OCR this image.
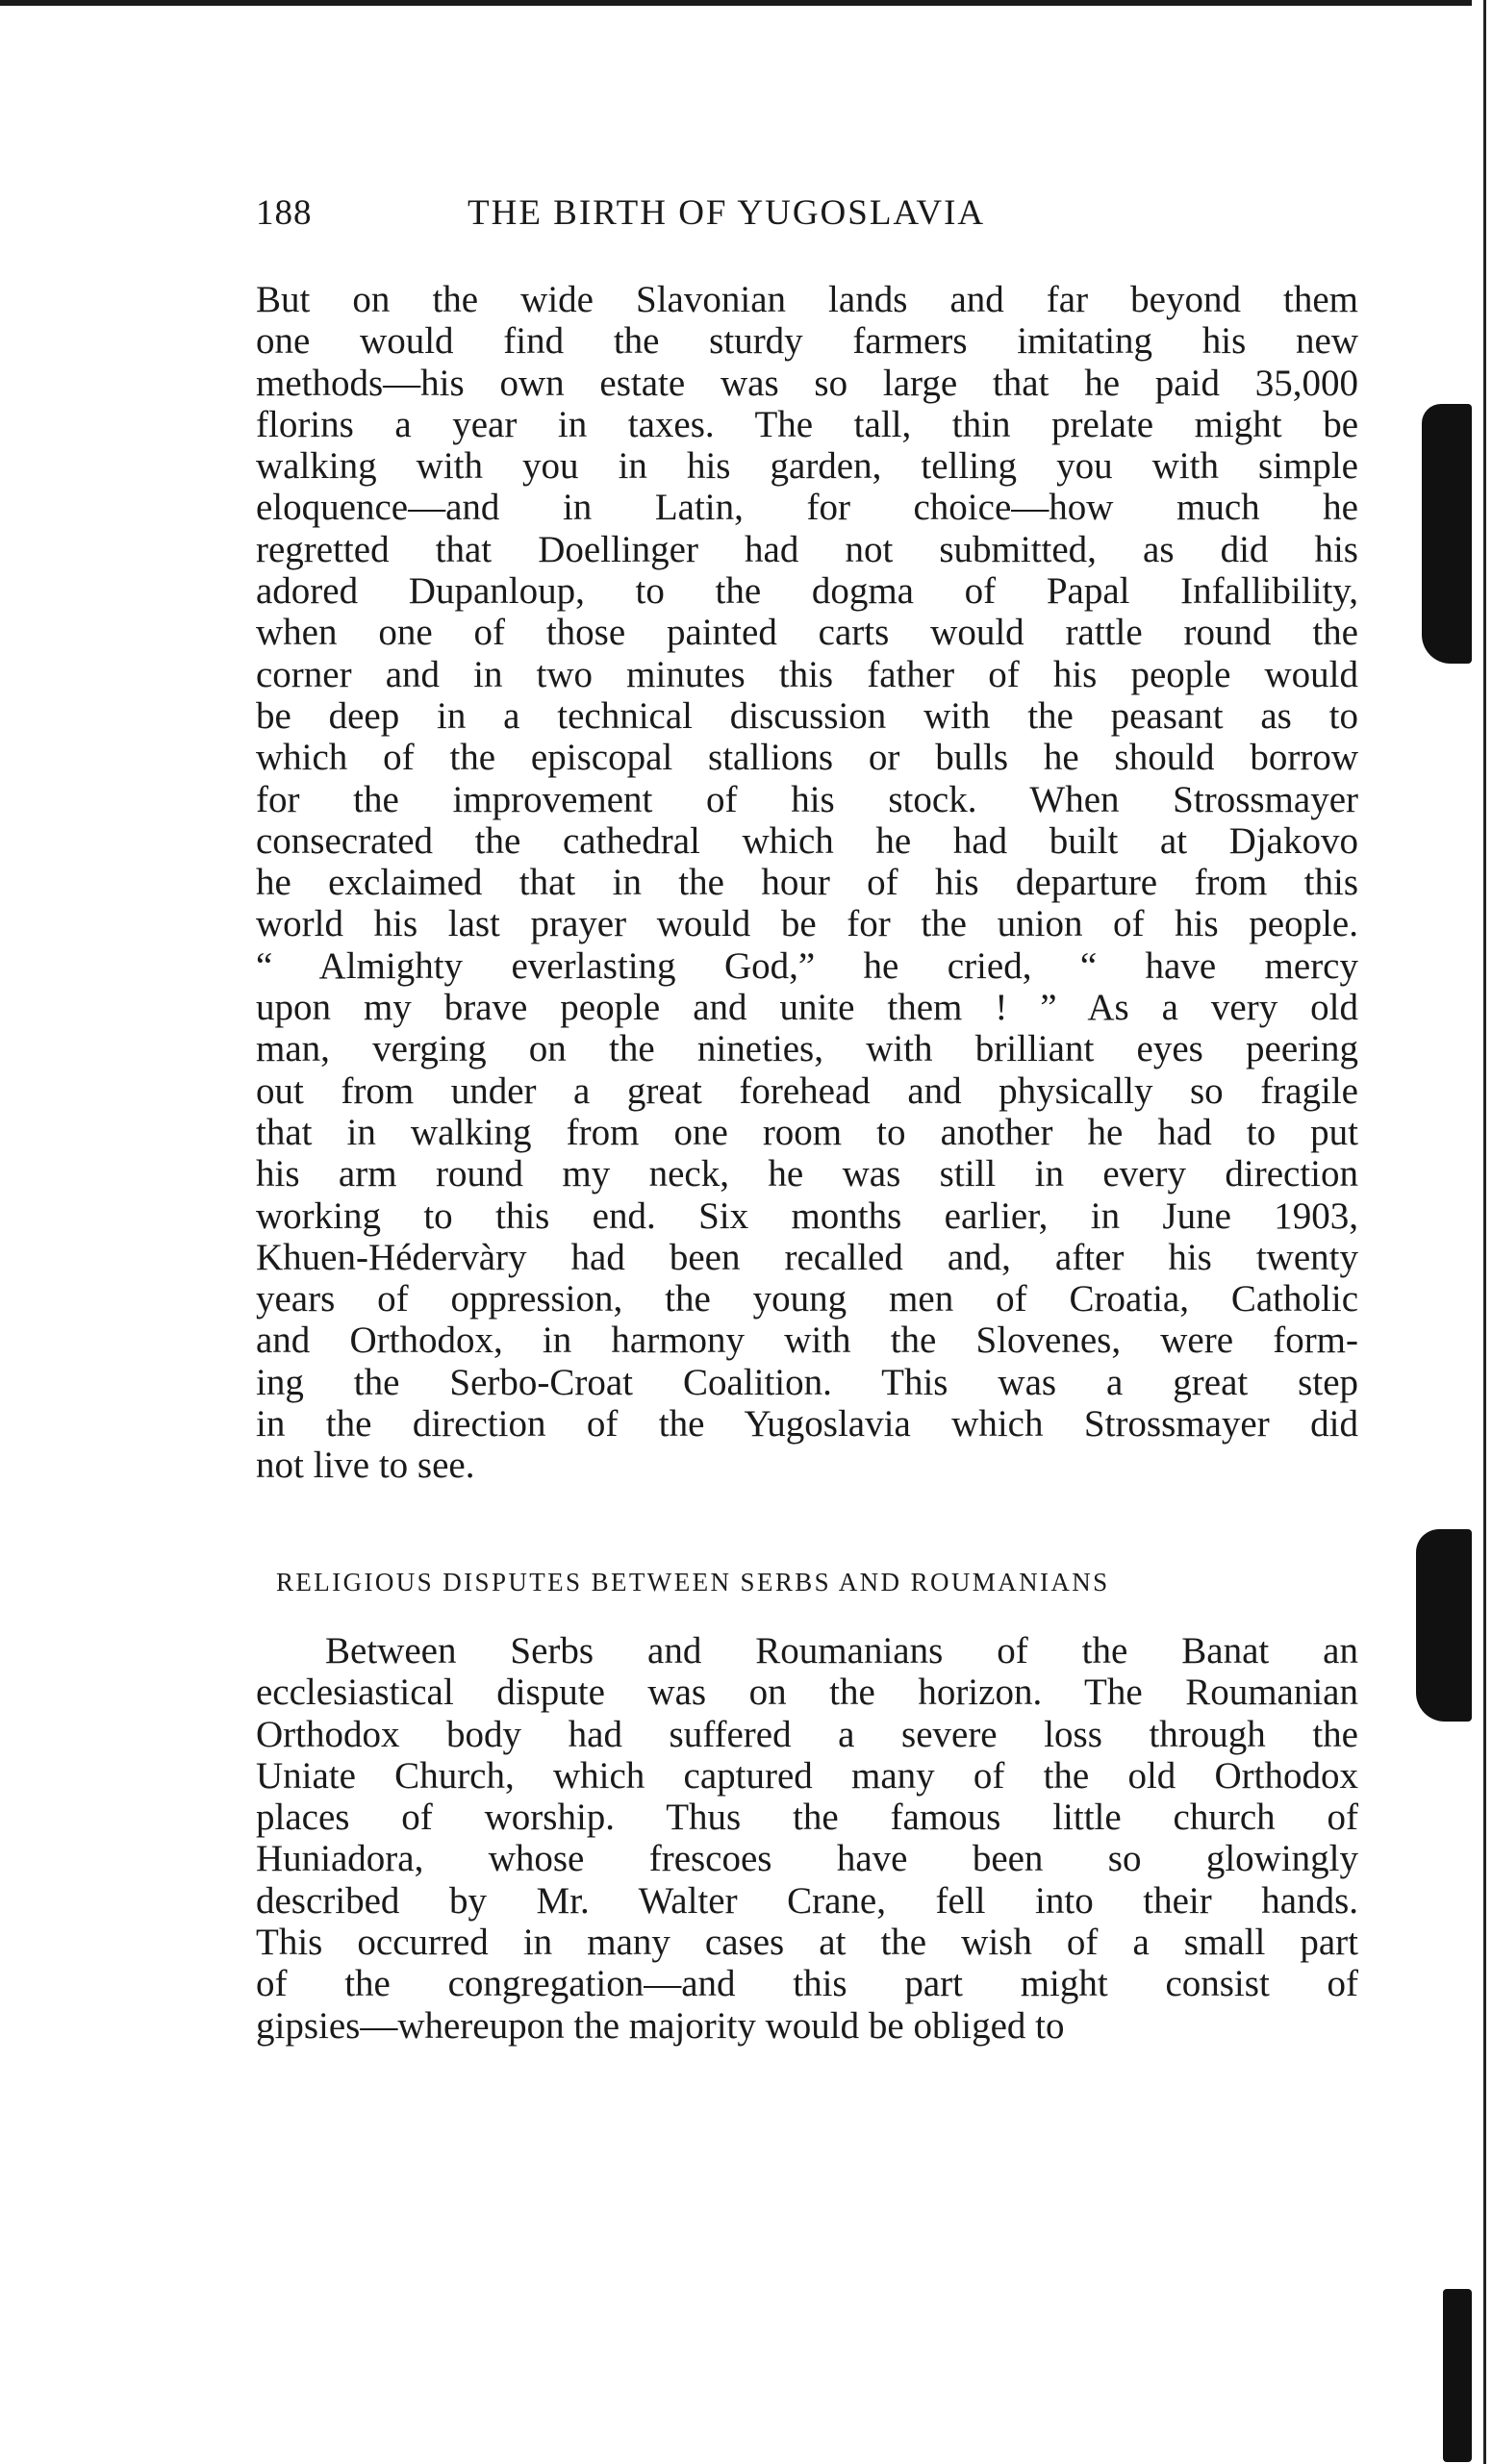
188	THE BIRTH OF YUGOSLAVIA
But on the wide Slavonian lands and far beyond them
one would find the sturdy farmers imitating his new
methods—his own estate was so large that he paid 35,000
florins a year in taxes. The tall, thin prelate might be
walking with you in his garden, telling you with simple
eloquence—and in Latin, for choice—how much he
regretted that Doellinger had not submitted, as did his
adored Dupanloup, to the dogma of Papal Infallibility,
when one of those painted carts would rattle round the
corner and in two minutes this father of his people would
be deep in a technical discussion with the peasant as to
which of the episcopal stallions or bulls he should borrow
for the improvement of his stock. When Strossmayer
consecrated the cathedral which he had built at Djakovo
he exclaimed that in the hour of his departure from this
world his last prayer would be for the union of his people.
“ Almighty everlasting God,” he cried, “ have mercy
upon my brave people and unite them ! ” As a very old
man, verging on the nineties, with brilliant eyes peering
out from under a great forehead and physically so fragile
that in walking from one room to another he had to put
his arm round my neck, he was still in every direction
working to this end. Six months earlier, in June 1903,
Khuen-Hédervàry had been recalled and, after his twenty
years of oppression, the young men of Croatia, Catholic
and Orthodox, in harmony with the Slovenes, were form-
ing the Serbo-Croat Coalition. This was a great step
in the direction of the Yugoslavia which Strossmayer did
not live to see.
RELIGIOUS DISPUTES BETWEEN SERBS AND ROUMANIANS
Between Serbs and Roumanians of the Banat an
ecclesiastical dispute was on the horizon. The Roumanian
Orthodox body had suffered a severe loss through the
Uniate Church, which captured many of the old Orthodox
places of worship. Thus the famous little church of
Huniadora, whose frescoes have been so glowingly
described by Mr. Walter Crane, fell into their hands.
This occurred in many cases at the wish of a small part
of the congregation—and this part might consist of
gipsies—whereupon the majority would be obliged to
